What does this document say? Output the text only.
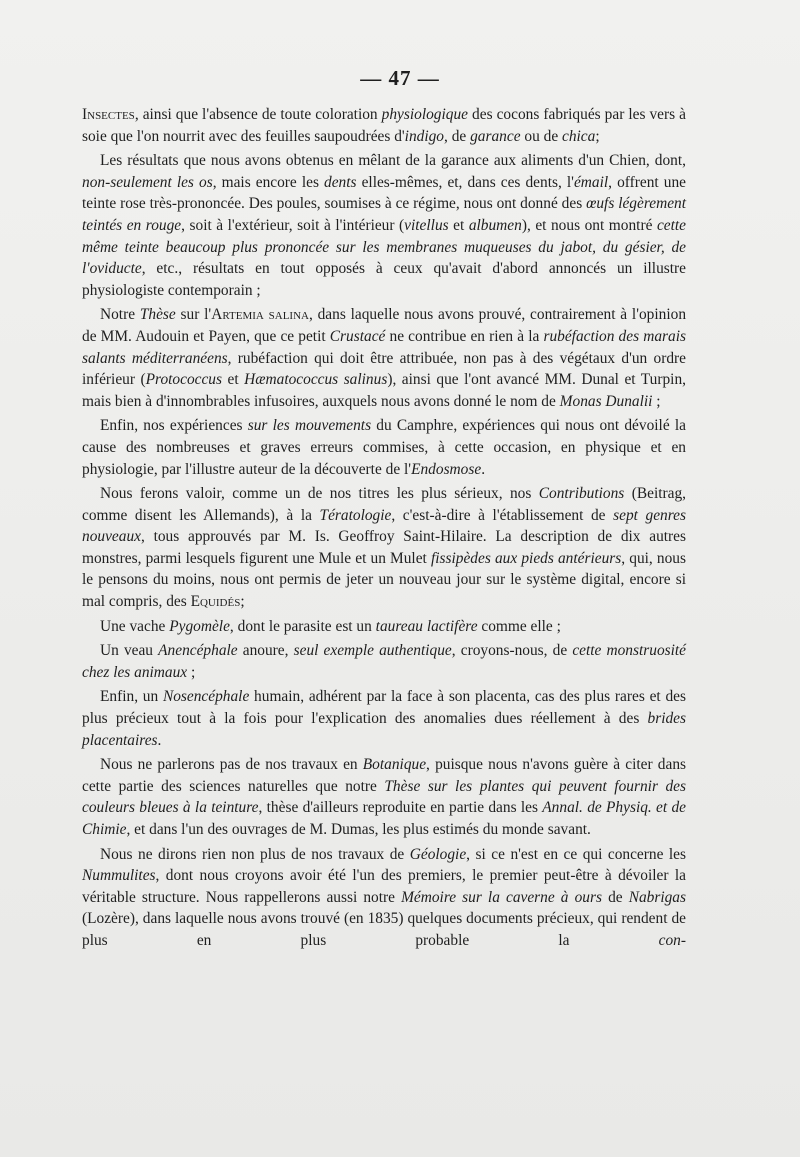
— 47 —

Insectes, ainsi que l'absence de toute coloration physiologique des cocons fabriqués par les vers à soie que l'on nourrit avec des feuilles saupoudrées d'indigo, de garance ou de chica;

Les résultats que nous avons obtenus en mêlant de la garance aux aliments d'un Chien, dont, non-seulement les os, mais encore les dents elles-mêmes, et, dans ces dents, l'émail, offrent une teinte rose très-prononcée. Des poules, soumises à ce régime, nous ont donné des œufs légèrement teintés en rouge, soit à l'extérieur, soit à l'intérieur (vitellus et albumen), et nous ont montré cette même teinte beaucoup plus prononcée sur les membranes muqueuses du jabot, du gésier, de l'oviducte, etc., résultats en tout opposés à ceux qu'avait d'abord annoncés un illustre physiologiste contemporain ;

Notre Thèse sur l'Artemia salina, dans laquelle nous avons prouvé, contrairement à l'opinion de MM. Audouin et Payen, que ce petit Crustacé ne contribue en rien à la rubéfaction des marais salants méditerranéens, rubéfaction qui doit être attribuée, non pas à des végétaux d'un ordre inférieur (Protococcus et Hæmatococcus salinus), ainsi que l'ont avancé MM. Dunal et Turpin, mais bien à d'innombrables infusoires, auxquels nous avons donné le nom de Monas Dunalii ;

Enfin, nos expériences sur les mouvements du Camphre, expériences qui nous ont dévoilé la cause des nombreuses et graves erreurs commises, à cette occasion, en physique et en physiologie, par l'illustre auteur de la découverte de l'Endosmose.

Nous ferons valoir, comme un de nos titres les plus sérieux, nos Contributions (Beitrag, comme disent les Allemands), à la Tératologie, c'est-à-dire à l'établissement de sept genres nouveaux, tous approuvés par M. Is. Geoffroy Saint-Hilaire. La description de dix autres monstres, parmi lesquels figurent une Mule et un Mulet fissipèdes aux pieds antérieurs, qui, nous le pensons du moins, nous ont permis de jeter un nouveau jour sur le système digital, encore si mal compris, des Equidés;

Une vache Pygomèle, dont le parasite est un taureau lactifère comme elle ;

Un veau Anencéphale anoure, seul exemple authentique, croyons-nous, de cette monstruosité chez les animaux ;

Enfin, un Nosencéphale humain, adhérent par la face à son placenta, cas des plus rares et des plus précieux tout à la fois pour l'explication des anomalies dues réellement à des brides placentaires.

Nous ne parlerons pas de nos travaux en Botanique, puisque nous n'avons guère à citer dans cette partie des sciences naturelles que notre Thèse sur les plantes qui peuvent fournir des couleurs bleues à la teinture, thèse d'ailleurs reproduite en partie dans les Annal. de Physiq. et de Chimie, et dans l'un des ouvrages de M. Dumas, les plus estimés du monde savant.

Nous ne dirons rien non plus de nos travaux de Géologie, si ce n'est en ce qui concerne les Nummulites, dont nous croyons avoir été l'un des premiers, le premier peut-être à dévoiler la véritable structure. Nous rappellerons aussi notre Mémoire sur la caverne à ours de Nabrigas (Lozère), dans laquelle nous avons trouvé (en 1835) quelques documents précieux, qui rendent de plus en plus probable la con-
